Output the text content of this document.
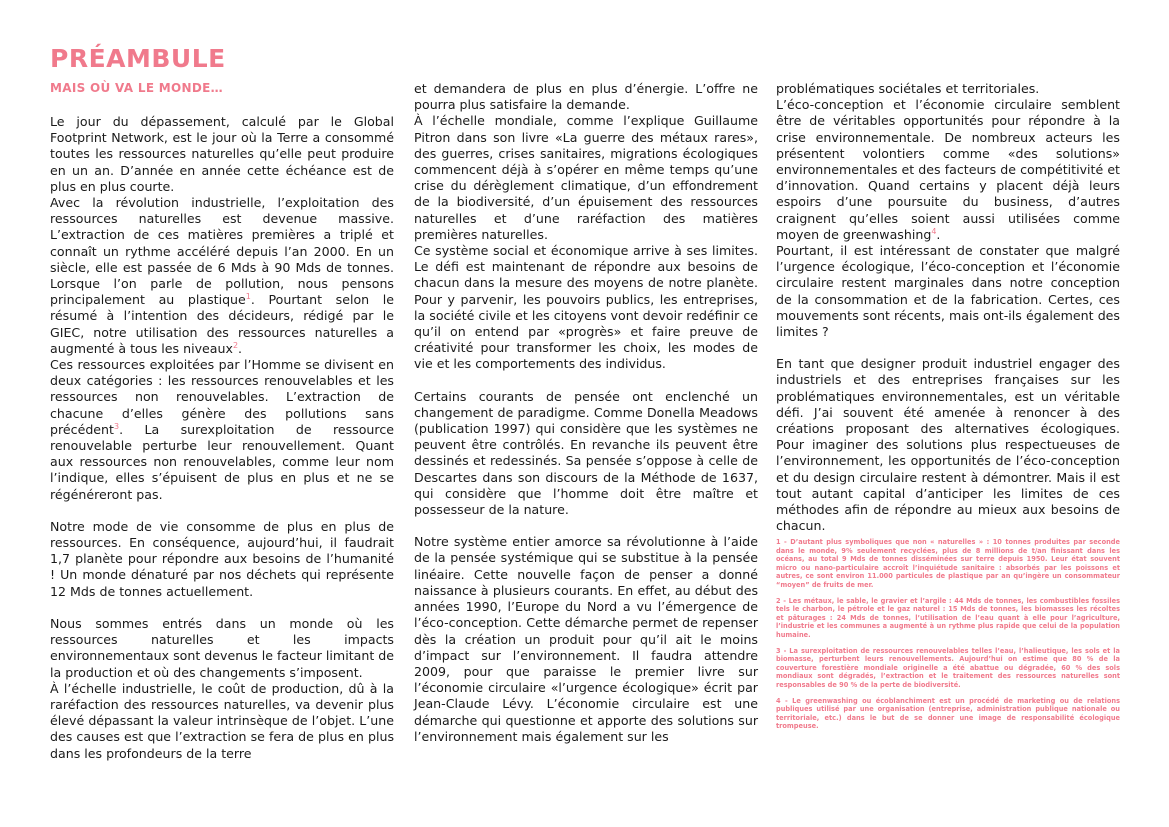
PRÉAMBULE
MAIS OÙ VA LE MONDE…

Le jour du dépassement, calculé par le Global Footprint Network, est le jour où la Terre a consommé toutes les ressources naturelles qu’elle peut produire en un an. D’année en année cette échéance est de plus en plus courte.

Avec la révolution industrielle, l’exploitation des ressources naturelles est devenue massive. L’extraction de ces matières premières a triplé et connaît un rythme accéléré depuis l’an 2000. En un siècle, elle est passée de 6 Mds à 90 Mds de tonnes. Lorsque l’on parle de pollution, nous pensons principalement au plastique$^1$. Pourtant selon le résumé à l’intention des décideurs, rédigé par le GIEC, notre utilisation des ressources naturelles a augmenté à tous les niveaux$^2$.

Ces ressources exploitées par l’Homme se divisent en deux catégories : les ressources renouvelables et les ressources non renouvelables. L’extraction de chacune d’elles génère des pollutions sans précédent$^3$. La surexploitation de ressource renouvelable perturbe leur renouvellement. Quant aux ressources non renouvelables, comme leur nom l’indique, elles s’épuisent de plus en plus et ne se régénéreront pas.

Notre mode de vie consomme de plus en plus de ressources. En conséquence, aujourd’hui, il faudrait 1,7 planète pour répondre aux besoins de l’humanité ! Un monde dénaturé par nos déchets qui représente 12 Mds de tonnes actuellement.

Nous sommes entrés dans un monde où les ressources naturelles et les impacts environnementaux sont devenus le facteur limitant de la production et où des changements s’imposent.

À l’échelle industrielle, le coût de production, dû à la raréfaction des ressources naturelles, va devenir plus élevé dépassant la valeur intrinsèque de l’objet. L’une des causes est que l’extraction se fera de plus en plus dans les profondeurs de la terre

et demandera de plus en plus d’énergie. L’offre ne pourra plus satisfaire la demande.

À l’échelle mondiale, comme l’explique Guillaume Pitron dans son livre «La guerre des métaux rares», des guerres, crises sanitaires, migrations écologiques commencent déjà à s’opérer en même temps qu’une crise du dérèglement climatique, d’un effondrement de la biodiversité, d’un épuisement des ressources naturelles et d’une raréfaction des matières premières naturelles.

Ce système social et économique arrive à ses limites. Le défi est maintenant de répondre aux besoins de chacun dans la mesure des moyens de notre planète. Pour y parvenir, les pouvoirs publics, les entreprises, la société civile et les citoyens vont devoir redéfinir ce qu’il on entend par «progrès» et faire preuve de créativité pour transformer les choix, les modes de vie et les comportements des individus.

Certains courants de pensée ont enclenché un changement de paradigme. Comme Donella Meadows (publication 1997) qui considère que les systèmes ne peuvent être contrôlés. En revanche ils peuvent être dessinés et redessinés. Sa pensée s’oppose à celle de Descartes dans son discours de la Méthode de 1637, qui considère que l’homme doit être maître et possesseur de la nature.

Notre système entier amorce sa révolutionne à l’aide de la pensée systémique qui se substitue à la pensée linéaire. Cette nouvelle façon de penser a donné naissance à plusieurs courants. En effet, au début des années 1990, l’Europe du Nord a vu l’émergence de l’éco-conception. Cette démarche permet de repenser dès la création un produit pour qu’il ait le moins d’impact sur l’environnement. Il faudra attendre 2009, pour que paraisse le premier livre sur l’économie circulaire «l’urgence écologique» écrit par Jean-Claude Lévy. L’économie circulaire est une démarche qui questionne et apporte des solutions sur l’environnement mais également sur les

problématiques sociétales et territoriales.

L’éco-conception et l’économie circulaire semblent être de véritables opportunités pour répondre à la crise environnementale. De nombreux acteurs les présentent volontiers comme «des solutions» environnementales et des facteurs de compétitivité et d’innovation. Quand certains y placent déjà leurs espoirs d’une poursuite du business, d’autres craignent qu’elles soient aussi utilisées comme moyen de greenwashing$^4$.

Pourtant, il est intéressant de constater que malgré l’urgence écologique, l’éco-conception et l’économie circulaire restent marginales dans notre conception de la consommation et de la fabrication. Certes, ces mouvements sont récents, mais ont-ils également des limites ?

En tant que designer produit industriel engager des industriels et des entreprises françaises sur les problématiques environnementales, est un véritable défi. J’ai souvent été amenée à renoncer à des créations proposant des alternatives écologiques. Pour imaginer des solutions plus respectueuses de l’environnement, les opportunités de l’éco-conception et du design circulaire restent à démontrer. Mais il est tout autant capital d’anticiper les limites de ces méthodes afin de répondre au mieux aux besoins de chacun.

1 - D’autant plus symboliques que non « naturelles » : 10 tonnes produites par seconde dans le monde, 9% seulement recyclées, plus de 8 millions de t/an finissant dans les océans, au total 9 Mds de tonnes disséminées sur terre depuis 1950. Leur état souvent micro ou nano-particulaire accroît l’inquiétude sanitaire : absorbés par les poissons et autres, ce sont environ 11.000 particules de plastique par an qu’ingère un consommateur “moyen” de fruits de mer.

2 - Les métaux, le sable, le gravier et l’argile : 44 Mds de tonnes, les combustibles fossiles tels le charbon, le pétrole et le gaz naturel : 15 Mds de tonnes, les biomasses les récoltes et pâturages : 24 Mds de tonnes, l’utilisation de l’eau quant à elle pour l’agriculture, l’industrie et les communes a augmenté à un rythme plus rapide que celui de la population humaine.

3 - La surexploitation de ressources renouvelables telles l’eau, l’halieutique, les sols et la biomasse, perturbent leurs renouvellements. Aujourd’hui on estime que 80 % de la couverture forestière mondiale originelle a été abattue ou dégradée, 60 % des sols mondiaux sont dégradés, l’extraction et le traitement des ressources naturelles sont responsables de 90 % de la perte de biodiversité.

4 - Le greenwashing ou écoblanchiment est un procédé de marketing ou de relations publiques utilisé par une organisation (entreprise, administration publique nationale ou territoriale, etc.) dans le but de se donner une image de responsabilité écologique trompeuse.
